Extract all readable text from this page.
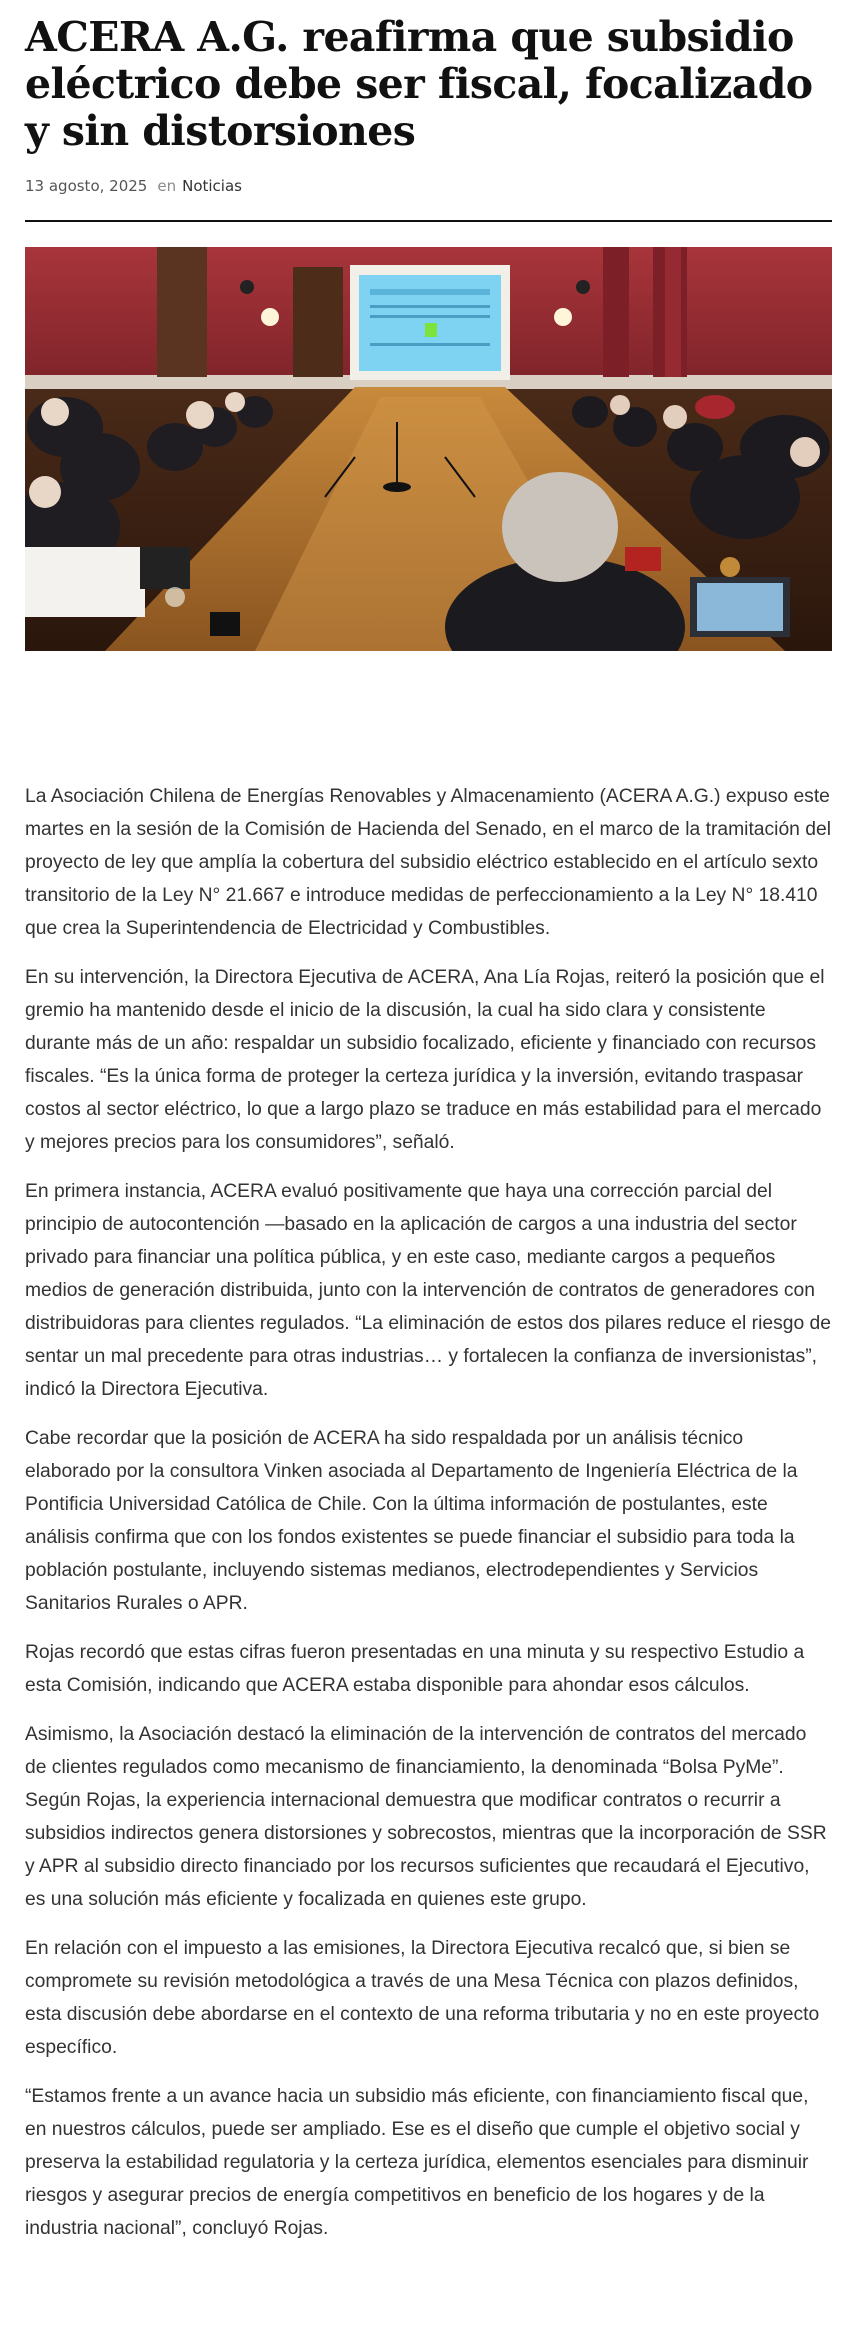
ACERA A.G. reafirma que subsidio eléctrico debe ser fiscal, focalizado y sin distorsiones
13 agosto, 2025 en Noticias

La Asociación Chilena de Energías Renovables y Almacenamiento (ACERA A.G.) expuso este martes en la sesión de la Comisión de Hacienda del Senado, en el marco de la tramitación del proyecto de ley que amplía la cobertura del subsidio eléctrico establecido en el artículo sexto transitorio de la Ley N° 21.667 e introduce medidas de perfeccionamiento a la Ley N° 18.410 que crea la Superintendencia de Electricidad y Combustibles.

En su intervención, la Directora Ejecutiva de ACERA, Ana Lía Rojas, reiteró la posición que el gremio ha mantenido desde el inicio de la discusión, la cual ha sido clara y consistente durante más de un año: respaldar un subsidio focalizado, eficiente y financiado con recursos fiscales. “Es la única forma de proteger la certeza jurídica y la inversión, evitando traspasar costos al sector eléctrico, lo que a largo plazo se traduce en más estabilidad para el mercado y mejores precios para los consumidores”, señaló.

En primera instancia, ACERA evaluó positivamente que haya una corrección parcial del principio de autocontención —basado en la aplicación de cargos a una industria del sector privado para financiar una política pública, y en este caso, mediante cargos a pequeños medios de generación distribuida, junto con la intervención de contratos de generadores con distribuidoras para clientes regulados. “La eliminación de estos dos pilares reduce el riesgo de sentar un mal precedente para otras industrias… y fortalecen la confianza de inversionistas”, indicó la Directora Ejecutiva.

Cabe recordar que la posición de ACERA ha sido respaldada por un análisis técnico elaborado por la consultora Vinken asociada al Departamento de Ingeniería Eléctrica de la Pontificia Universidad Católica de Chile. Con la última información de postulantes, este análisis confirma que con los fondos existentes se puede financiar el subsidio para toda la población postulante, incluyendo sistemas medianos, electrodependientes y Servicios Sanitarios Rurales o APR.

Rojas recordó que estas cifras fueron presentadas en una minuta y su respectivo Estudio a esta Comisión, indicando que ACERA estaba disponible para ahondar esos cálculos.

Asimismo, la Asociación destacó la eliminación de la intervención de contratos del mercado de clientes regulados como mecanismo de financiamiento, la denominada “Bolsa PyMe”. Según Rojas, la experiencia internacional demuestra que modificar contratos o recurrir a subsidios indirectos genera distorsiones y sobrecostos, mientras que la incorporación de SSR y APR al subsidio directo financiado por los recursos suficientes que recaudará el Ejecutivo, es una solución más eficiente y focalizada en quienes este grupo.

En relación con el impuesto a las emisiones, la Directora Ejecutiva recalcó que, si bien se compromete su revisión metodológica a través de una Mesa Técnica con plazos definidos, esta discusión debe abordarse en el contexto de una reforma tributaria y no en este proyecto específico.

“Estamos frente a un avance hacia un subsidio más eficiente, con financiamiento fiscal que, en nuestros cálculos, puede ser ampliado. Ese es el diseño que cumple el objetivo social y preserva la estabilidad regulatoria y la certeza jurídica, elementos esenciales para disminuir riesgos y asegurar precios de energía competitivos en beneficio de los hogares y de la industria nacional”, concluyó Rojas.
